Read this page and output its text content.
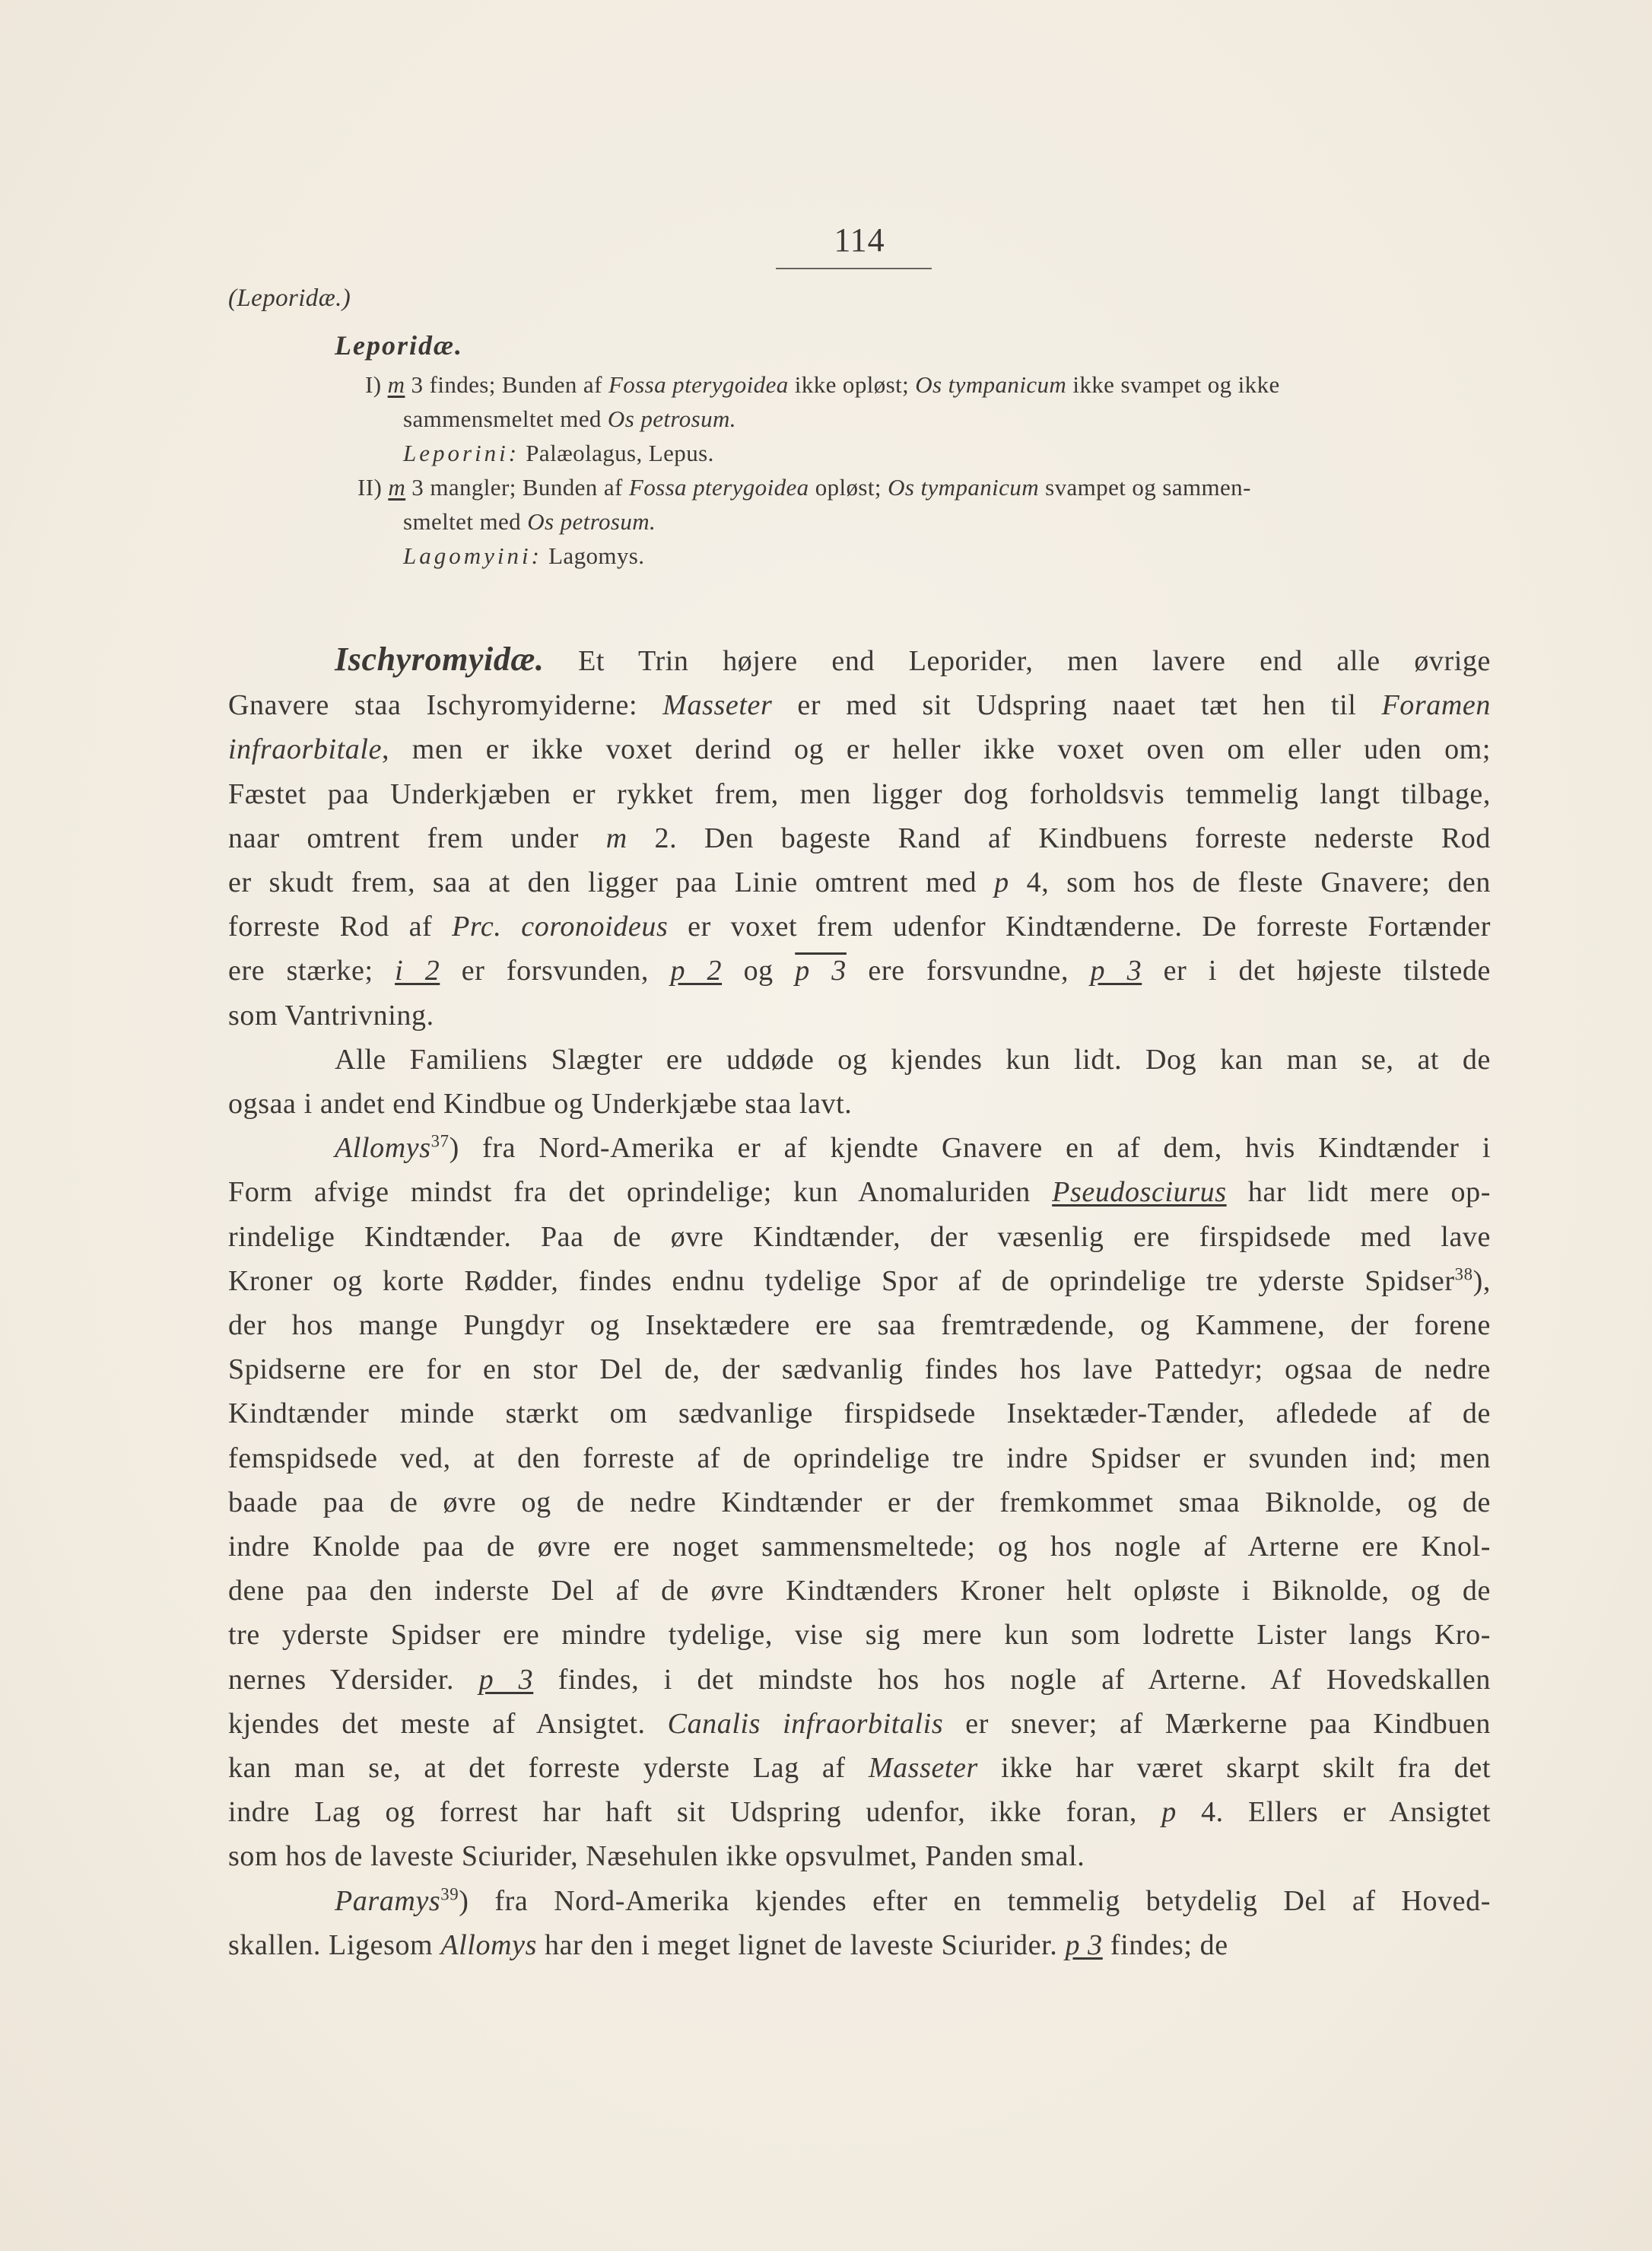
114
(Leporidæ.)
Leporidæ.
I) m 3 findes; Bunden af Fossa pterygoidea ikke opløst; Os tympanicum ikke svampet og ikke
sammensmeltet med Os petrosum.
Leporini: Palæolagus, Lepus.
II) m 3 mangler; Bunden af Fossa pterygoidea opløst; Os tympanicum svampet og sammen-
smeltet med Os petrosum.
Lagomyini: Lagomys.
Ischyromyidæ. Et Trin højere end Leporider, men lavere end alle øvrige
Gnavere staa Ischyromyiderne: Masseter er med sit Udspring naaet tæt hen til Foramen
infraorbitale, men er ikke voxet derind og er heller ikke voxet oven om eller uden om;
Fæstet paa Underkjæben er rykket frem, men ligger dog forholdsvis temmelig langt tilbage,
naar omtrent frem under m 2. Den bageste Rand af Kindbuens forreste nederste Rod
er skudt frem, saa at den ligger paa Linie omtrent med p 4, som hos de fleste Gnavere; den
forreste Rod af Prc. coronoideus er voxet frem udenfor Kindtænderne. De forreste Fortænder
ere stærke; i 2 er forsvunden, p 2 og p 3 ere forsvundne, p 3 er i det højeste tilstede
som Vantrivning.
Alle Familiens Slægter ere uddøde og kjendes kun lidt. Dog kan man se, at de
ogsaa i andet end Kindbue og Underkjæbe staa lavt.
Allomys$^{37}$) fra Nord-Amerika er af kjendte Gnavere en af dem, hvis Kindtænder i
Form afvige mindst fra det oprindelige; kun Anomaluriden Pseudosciurus har lidt mere op-
rindelige Kindtænder. Paa de øvre Kindtænder, der væsenlig ere firspidsede med lave
Kroner og korte Rødder, findes endnu tydelige Spor af de oprindelige tre yderste Spidser$^{38}$),
der hos mange Pungdyr og Insektædere ere saa fremtrædende, og Kammene, der forene
Spidserne ere for en stor Del de, der sædvanlig findes hos lave Pattedyr; ogsaa de nedre
Kindtænder minde stærkt om sædvanlige firspidsede Insektæder-Tænder, afledede af de
femspidsede ved, at den forreste af de oprindelige tre indre Spidser er svunden ind; men
baade paa de øvre og de nedre Kindtænder er der fremkommet smaa Biknolde, og de
indre Knolde paa de øvre ere noget sammensmeltede; og hos nogle af Arterne ere Knol-
dene paa den inderste Del af de øvre Kindtænders Kroner helt opløste i Biknolde, og de
tre yderste Spidser ere mindre tydelige, vise sig mere kun som lodrette Lister langs Kro-
nernes Ydersider. p 3 findes, i det mindste hos hos nogle af Arterne. Af Hovedskallen
kjendes det meste af Ansigtet. Canalis infraorbitalis er snever; af Mærkerne paa Kindbuen
kan man se, at det forreste yderste Lag af Masseter ikke har været skarpt skilt fra det
indre Lag og forrest har haft sit Udspring udenfor, ikke foran, p 4. Ellers er Ansigtet
som hos de laveste Sciurider, Næsehulen ikke opsvulmet, Panden smal.
Paramys$^{39}$) fra Nord-Amerika kjendes efter en temmelig betydelig Del af Hoved-
skallen. Ligesom Allomys har den i meget lignet de laveste Sciurider. p 3 findes; de
